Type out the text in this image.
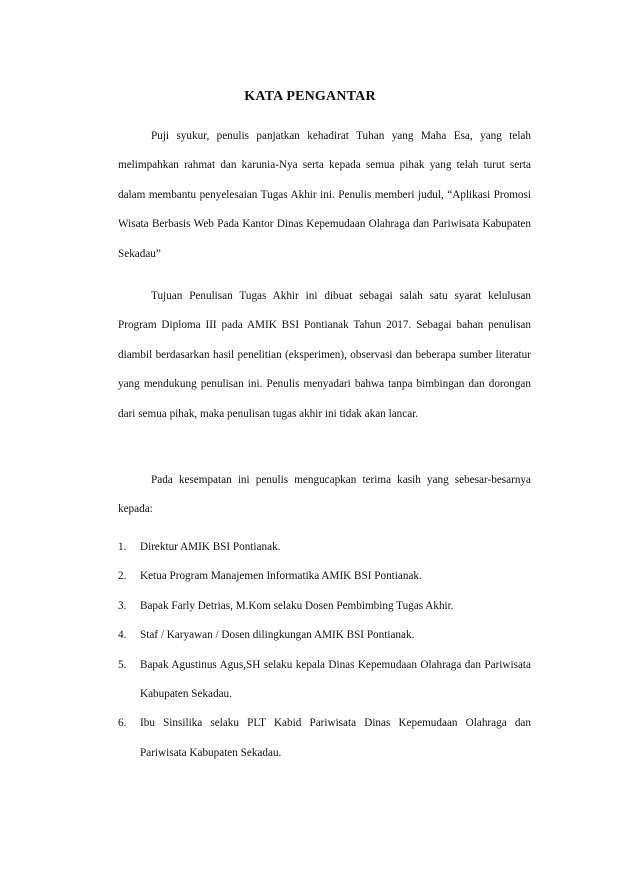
KATA PENGANTAR

Puji syukur, penulis panjatkan kehadirat Tuhan yang Maha Esa, yang telah melimpahkan rahmat dan karunia-Nya serta kepada semua pihak yang telah turut serta dalam membantu penyelesaian Tugas Akhir ini. Penulis memberi judul, “Aplikasi Promosi Wisata Berbasis Web Pada Kantor Dinas Kepemudaan Olahraga dan Pariwisata Kabupaten Sekadau”

Tujuan Penulisan Tugas Akhir ini dibuat sebagai salah satu syarat kelulusan Program Diploma III pada AMIK BSI Pontianak Tahun 2017. Sebagai bahan penulisan diambil berdasarkan hasil penelitian (eksperimen), observasi dan beberapa sumber literatur yang mendukung penulisan ini. Penulis menyadari bahwa tanpa bimbingan dan dorongan dari semua pihak, maka penulisan tugas akhir ini tidak akan lancar.

Pada kesempatan ini penulis mengucapkan terima kasih yang sebesar-besarnya kepada:

1. Direktur AMIK BSI Pontianak.
2. Ketua Program Manajemen Informatika AMIK BSI Pontianak.
3. Bapak Farly Detrias, M.Kom selaku Dosen Pembimbing Tugas Akhir.
4. Staf / Karyawan / Dosen dilingkungan AMIK BSI Pontianak.
5. Bapak Agustinus Agus,SH selaku kepala Dinas Kepemudaan Olahraga dan Pariwisata Kabupaten Sekadau.
6. Ibu Sinsilika selaku PLT Kabid Pariwisata Dinas Kepemudaan Olahraga dan Pariwisata Kabupaten Sekadau.
